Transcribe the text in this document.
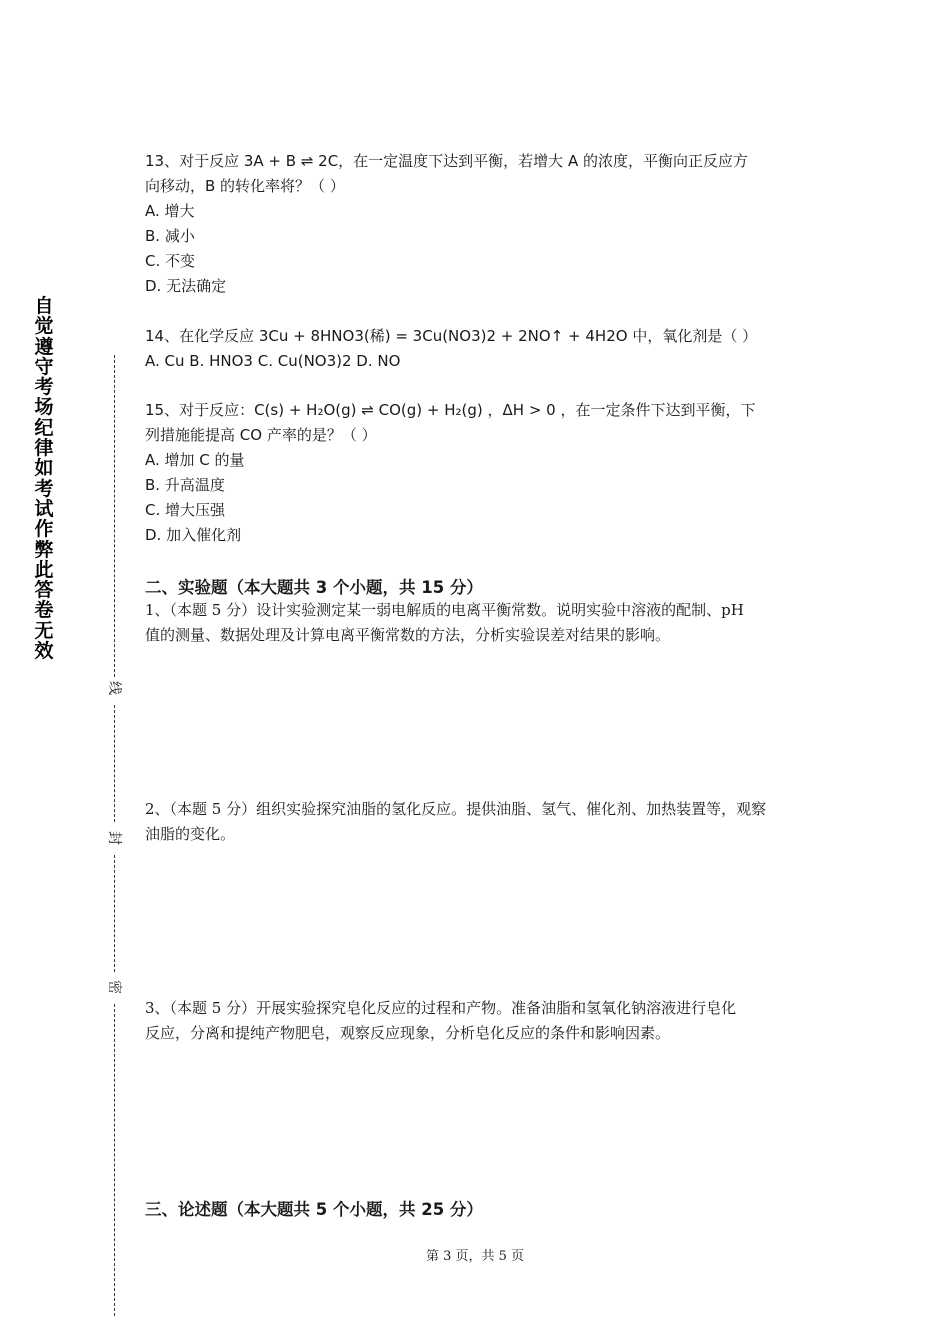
自觉遵守考场纪律如考试作弊此答卷无效
线
封
密

13、对于反应 3A + B ⇌ 2C，在一定温度下达到平衡，若增大 A 的浓度，平衡向正反应方

向移动，B 的转化率将？（ ）

A. 增大

B. 减小

C. 不变

D. 无法确定

14、在化学反应 3Cu + 8HNO3(稀) = 3Cu(NO3)2 + 2NO↑ + 4H2O 中，氧化剂是（ ）

A. Cu B. HNO3 C. Cu(NO3)2 D. NO

15、对于反应：C(s) + H₂O(g) ⇌ CO(g) + H₂(g) ，ΔH > 0 ，在一定条件下达到平衡，下

列措施能提高 CO 产率的是？（ ）

A. 增加 C 的量

B. 升高温度

C. 增大压强

D. 加入催化剂

二、实验题（本大题共 3 个小题，共 15 分）

1、（本题 5 分）设计实验测定某一弱电解质的电离平衡常数。说明实验中溶液的配制、pH

值的测量、数据处理及计算电离平衡常数的方法，分析实验误差对结果的影响。

2、（本题 5 分）组织实验探究油脂的氢化反应。提供油脂、氢气、催化剂、加热装置等，观察

油脂的变化。

3、（本题 5 分）开展实验探究皂化反应的过程和产物。准备油脂和氢氧化钠溶液进行皂化

反应，分离和提纯产物肥皂，观察反应现象，分析皂化反应的条件和影响因素。

三、论述题（本大题共 5 个小题，共 25 分）
第 3 页，共 5 页
